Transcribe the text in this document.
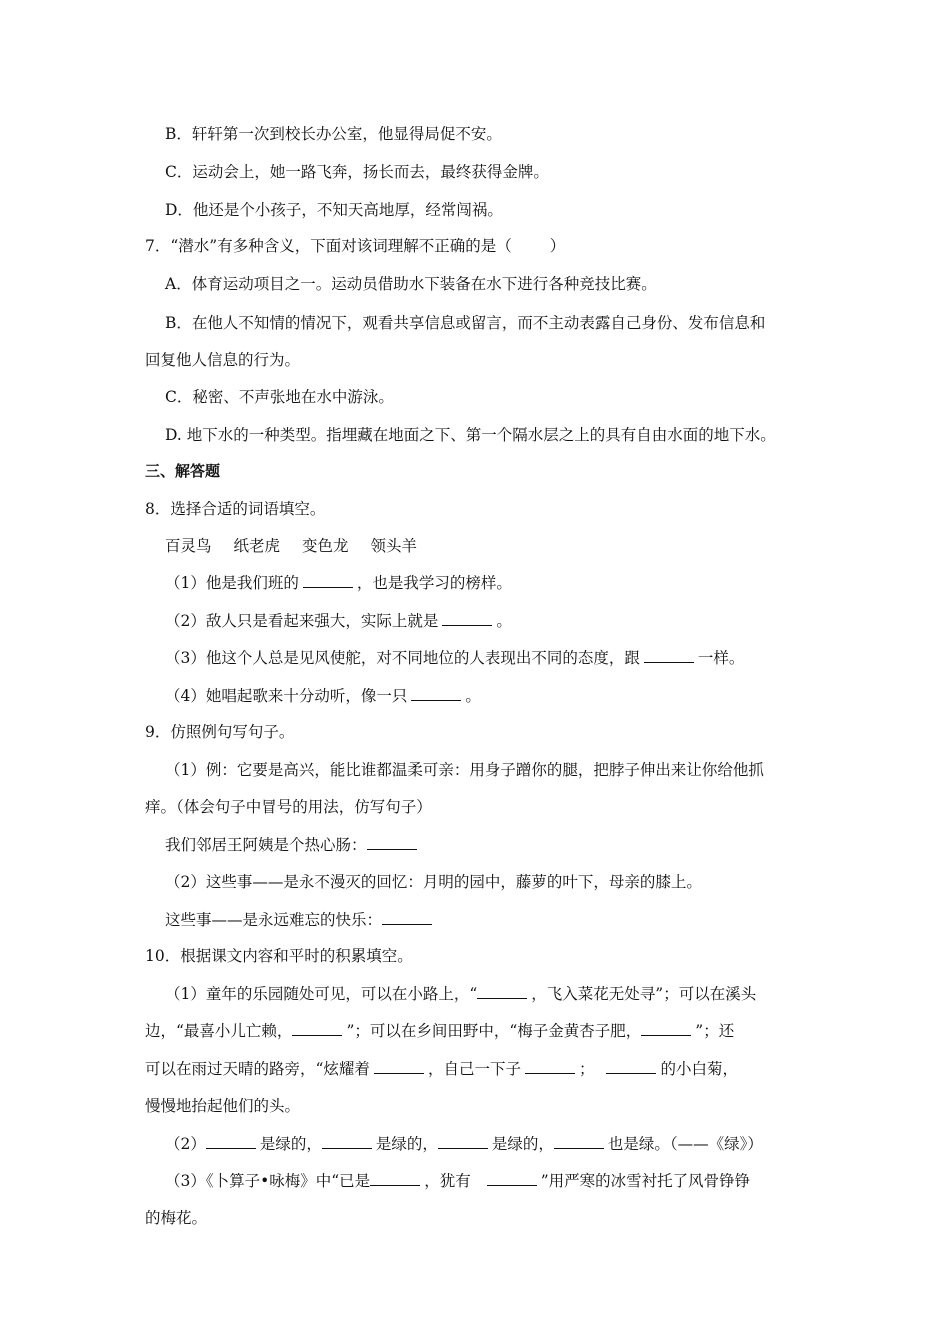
B．轩轩第一次到校长办公室，他显得局促不安。
C．运动会上，她一路飞奔，扬长而去，最终获得金牌。
D．他还是个小孩子，不知天高地厚，经常闯祸。
7．“潜水”有多种含义，下面对该词理解不正确的是（ ）
A．体育运动项目之一。运动员借助水下装备在水下进行各种竞技比赛。
B．在他人不知情的情况下，观看共享信息或留言，而不主动表露自己身份、发布信息和
回复他人信息的行为。
C．秘密、不声张地在水中游泳。
D. 地下水的一种类型。指埋藏在地面之下、第一个隔水层之上的具有自由水面的地下水。
三、解答题
8．选择合适的词语填空。
百灵鸟 纸老虎 变色龙 领头羊
（1）他是我们班的	，也是我学习的榜样。
（2）敌人只是看起来强大，实际上就是	。
（3）他这个人总是见风使舵，对不同地位的人表现出不同的态度，跟	一样。
（4）她唱起歌来十分动听，像一只	。
9．仿照例句写句子。
（1）例：它要是高兴，能比谁都温柔可亲：用身子蹭你的腿，把脖子伸出来让你给他抓
痒。（体会句子中冒号的用法，仿写句子）
我们邻居王阿姨是个热心肠：
（2）这些事——是永不漫灭的回忆：月明的园中，藤萝的叶下，母亲的膝上。
这些事——是永远难忘的快乐：
10．根据课文内容和平时的积累填空。
（1）童年的乐园随处可见，可以在小路上，“	，飞入菜花无处寻”；可以在溪头
边，“最喜小儿亡赖，	”；可以在乡间田野中，“梅子金黄杏子肥，	”；还
可以在雨过天晴的路旁，“炫耀着	，自己一下子	；	的小白菊，
慢慢地抬起他们的头。
（2）	是绿的，	是绿的，	是绿的，	也是绿。（——《绿》）
（3）《卜算子•咏梅》中“已是	，犹有	”用严寒的冰雪衬托了风骨铮铮
的梅花。
